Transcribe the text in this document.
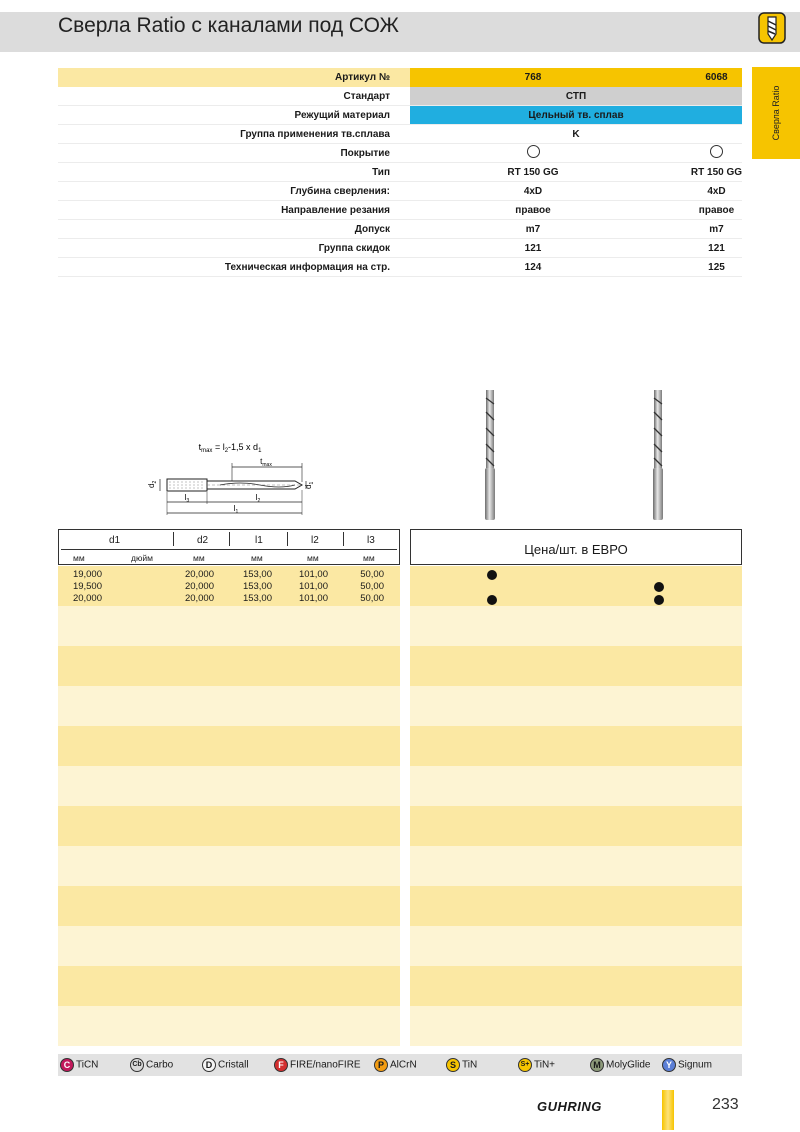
Сверла Ratio с каналами под СОЖ
Сверла Ratio
Артикул №	768	6068
Стандарт	СТП
Режущий материал	Цельный тв. сплав
Группа применения тв.сплава	K
Покрытие
Тип	RT 150 GG	RT 150 GG
Глубина сверления:	4xD	4xD
Направление резания	правое	правое
Допуск	m7	m7
Группа скидок	121	121
Техническая информация на стр.	124	125
$t_{max} = l_2-1,5$ x $d_1$
$t_{max}$
$d_2$
$d_1$
$l_3$	$l_2$
$l_1$
d1	d2	l1	l2	l3
мм	дюйм	мм	мм	мм	мм
Цена/шт. в ЕВРО
19,000	20,000	153,00	101,00	50,00
19,500	20,000	153,00	101,00	50,00
20,000	20,000	153,00	101,00	50,00
C TiCN	Cb Carbo	D Cristall	F FIRE/nanoFIRE	P AlCrN	S TiN	S+ TiN+	M MolyGlide	Y Signum
GUHRING	233
